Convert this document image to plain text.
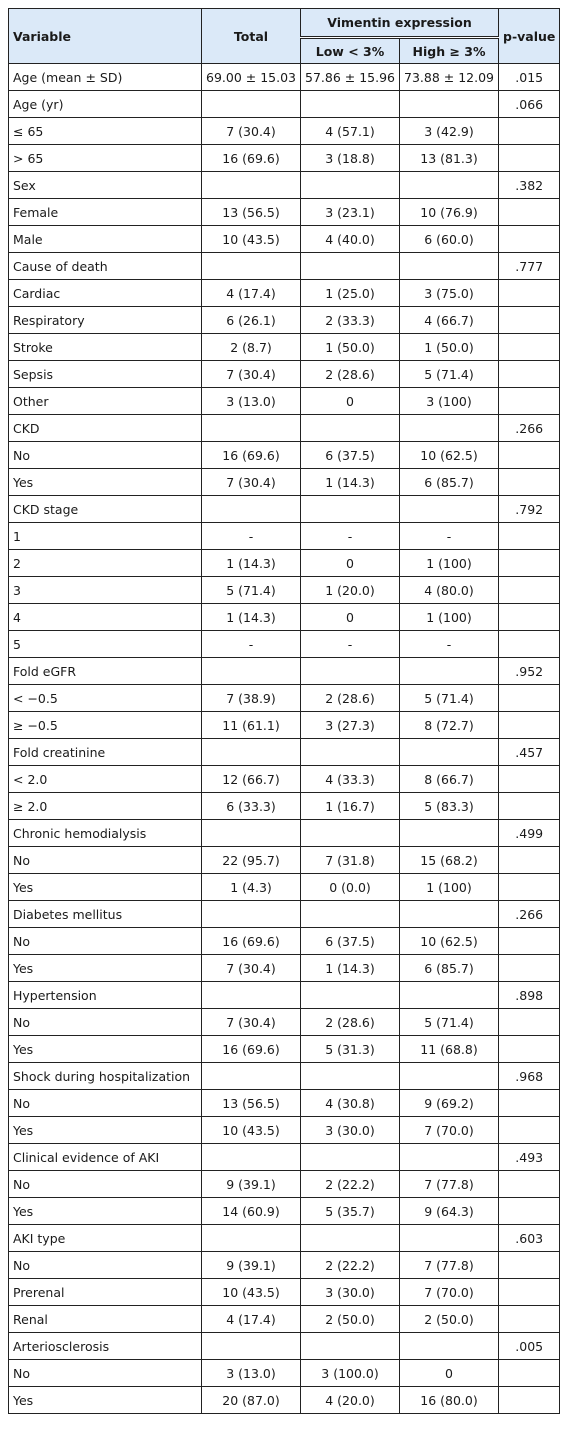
Variable	Total	Vimentin expression		p-value
		Low < 3%	High ≥ 3%	
Age (mean ± SD)	69.00 ± 15.03	57.86 ± 15.96	73.88 ± 12.09	.015
Age (yr)				.066
≤ 65	7 (30.4)	4 (57.1)	3 (42.9)	
> 65	16 (69.6)	3 (18.8)	13 (81.3)	
Sex				.382
Female	13 (56.5)	3 (23.1)	10 (76.9)	
Male	10 (43.5)	4 (40.0)	6 (60.0)	
Cause of death				.777
Cardiac	4 (17.4)	1 (25.0)	3 (75.0)	
Respiratory	6 (26.1)	2 (33.3)	4 (66.7)	
Stroke	2 (8.7)	1 (50.0)	1 (50.0)	
Sepsis	7 (30.4)	2 (28.6)	5 (71.4)	
Other	3 (13.0)	0	3 (100)	
CKD				.266
No	16 (69.6)	6 (37.5)	10 (62.5)	
Yes	7 (30.4)	1 (14.3)	6 (85.7)	
CKD stage				.792
1	-	-	-	
2	1 (14.3)	0	1 (100)	
3	5 (71.4)	1 (20.0)	4 (80.0)	
4	1 (14.3)	0	1 (100)	
5	-	-	-	
Fold eGFR				.952
< −0.5	7 (38.9)	2 (28.6)	5 (71.4)	
≥ −0.5	11 (61.1)	3 (27.3)	8 (72.7)	
Fold creatinine				.457
< 2.0	12 (66.7)	4 (33.3)	8 (66.7)	
≥ 2.0	6 (33.3)	1 (16.7)	5 (83.3)	
Chronic hemodialysis				.499
No	22 (95.7)	7 (31.8)	15 (68.2)	
Yes	1 (4.3)	0 (0.0)	1 (100)	
Diabetes mellitus				.266
No	16 (69.6)	6 (37.5)	10 (62.5)	
Yes	7 (30.4)	1 (14.3)	6 (85.7)	
Hypertension				.898
No	7 (30.4)	2 (28.6)	5 (71.4)	
Yes	16 (69.6)	5 (31.3)	11 (68.8)	
Shock during hospitalization				.968
No	13 (56.5)	4 (30.8)	9 (69.2)	
Yes	10 (43.5)	3 (30.0)	7 (70.0)	
Clinical evidence of AKI				.493
No	9 (39.1)	2 (22.2)	7 (77.8)	
Yes	14 (60.9)	5 (35.7)	9 (64.3)	
AKI type				.603
No	9 (39.1)	2 (22.2)	7 (77.8)	
Prerenal	10 (43.5)	3 (30.0)	7 (70.0)	
Renal	4 (17.4)	2 (50.0)	2 (50.0)	
Arteriosclerosis				.005
No	3 (13.0)	3 (100.0)	0	
Yes	20 (87.0)	4 (20.0)	16 (80.0)	
